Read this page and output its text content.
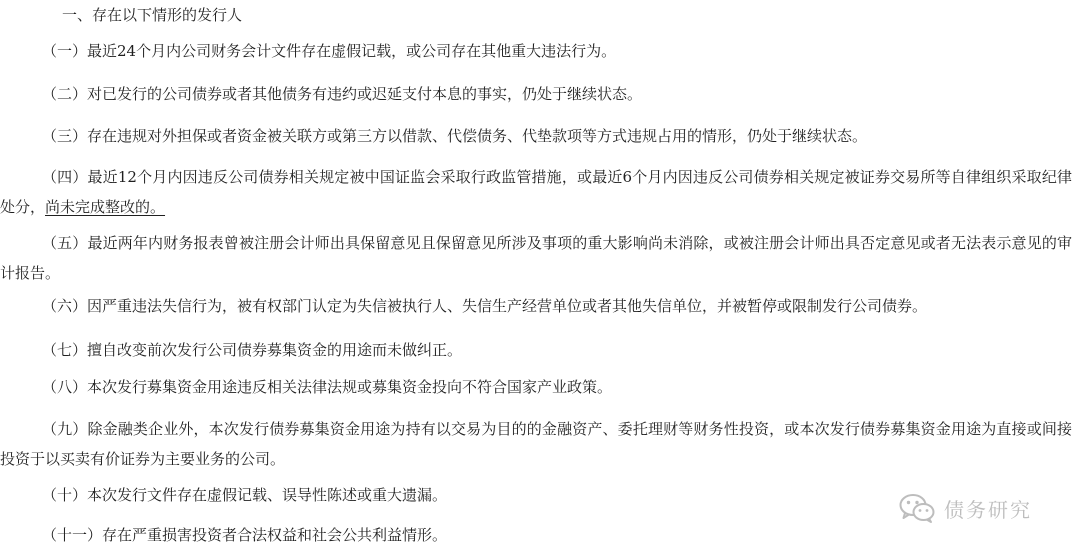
一、存在以下情形的发行人
（一）最近24个月内公司财务会计文件存在虚假记载，或公司存在其他重大违法行为。
（二）对已发行的公司债券或者其他债务有违约或迟延支付本息的事实，仍处于继续状态。
（三）存在违规对外担保或者资金被关联方或第三方以借款、代偿债务、代垫款项等方式违规占用的情形，仍处于继续状态。
（四）最近12个月内因违反公司债券相关规定被中国证监会采取行政监管措施，或最近6个月内因违反公司债券相关规定被证券交易所等自律组织采取纪律处分，尚未完成整改的。
（五）最近两年内财务报表曾被注册会计师出具保留意见且保留意见所涉及事项的重大影响尚未消除，或被注册会计师出具否定意见或者无法表示意见的审计报告。
（六）因严重违法失信行为，被有权部门认定为失信被执行人、失信生产经营单位或者其他失信单位，并被暂停或限制发行公司债券。
（七）擅自改变前次发行公司债券募集资金的用途而未做纠正。
（八）本次发行募集资金用途违反相关法律法规或募集资金投向不符合国家产业政策。
（九）除金融类企业外，本次发行债券募集资金用途为持有以交易为目的的金融资产、委托理财等财务性投资，或本次发行债券募集资金用途为直接或间接投资于以买卖有价证券为主要业务的公司。
（十）本次发行文件存在虚假记载、误导性陈述或重大遗漏。
（十一）存在严重损害投资者合法权益和社会公共利益情形。
债务研究
